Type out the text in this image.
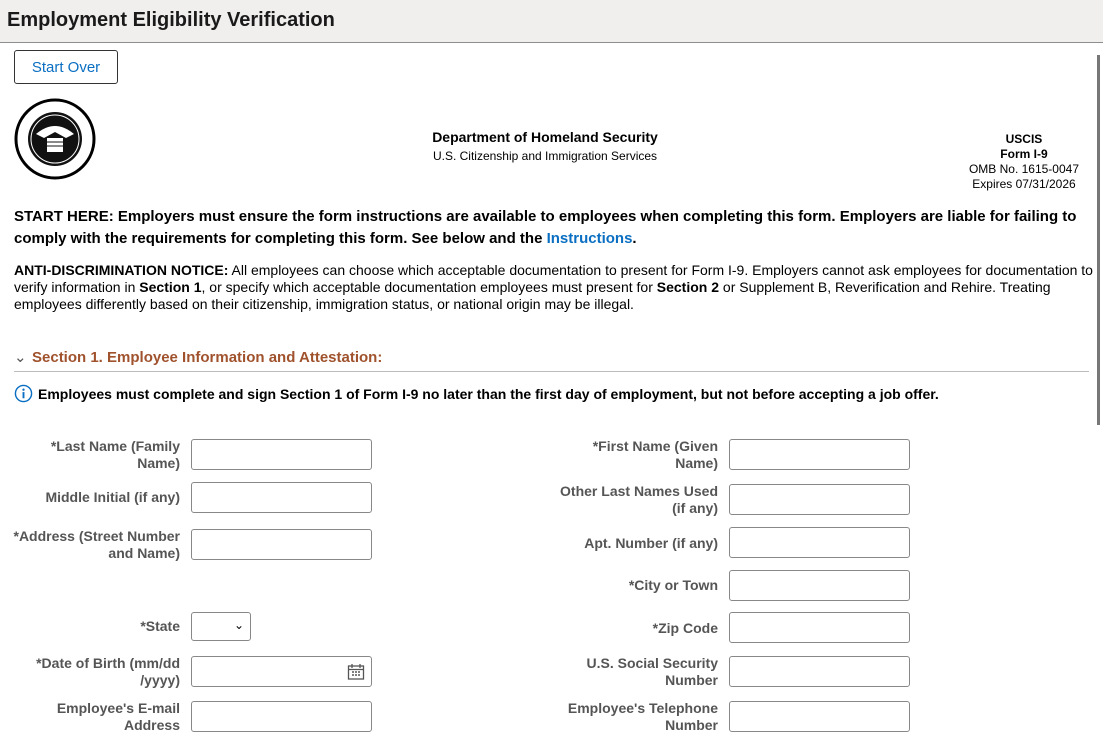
Employment Eligibility Verification
Start Over
Department of Homeland Security
U.S. Citizenship and Immigration Services
USCIS
Form I-9
OMB No. 1615-0047
Expires 07/31/2026
START HERE: Employers must ensure the form instructions are available to employees when completing this form. Employers are liable for failing to comply with the requirements for completing this form. See below and the Instructions.
ANTI-DISCRIMINATION NOTICE: All employees can choose which acceptable documentation to present for Form I-9. Employers cannot ask employees for documentation to verify information in Section 1, or specify which acceptable documentation employees must present for Section 2 or Supplement B, Reverification and Rehire. Treating employees differently based on their citizenship, immigration status, or national origin may be illegal.
⌄ Section 1. Employee Information and Attestation:
Employees must complete and sign Section 1 of Form I-9 no later than the first day of employment, but not before accepting a job offer.
*Last Name (Family Name)
Middle Initial (if any)
*Address (Street Number and Name)
*State	⌄
*Date of Birth (mm/dd /yyyy)
Employee's E-mail Address
*First Name (Given Name)
Other Last Names Used (if any)
Apt. Number (if any)
*City or Town
*Zip Code
U.S. Social Security Number
Employee's Telephone Number
